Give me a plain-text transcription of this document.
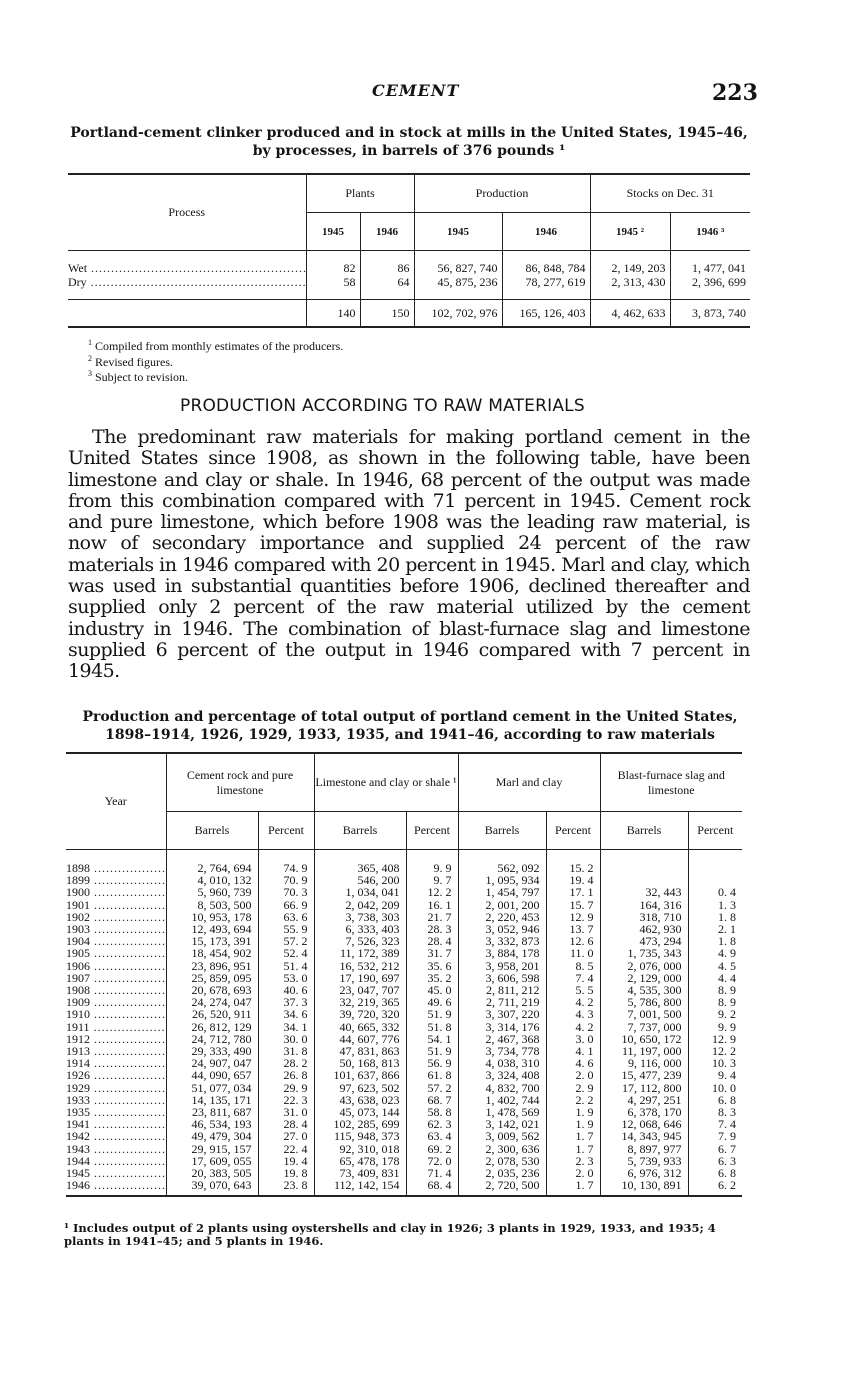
CEMENT	223
Portland-cement clinker produced and in stock at mills in the United States, 1945–46, by processes, in barrels of 376 pounds ¹
Process	Plants		Production		Stocks on Dec. 31	
	1945	1946	1945	1946	1945 ²	1946 ³

Wet .....	82	86	56, 827, 740	86, 848, 784	2, 149, 203	1, 477, 041
Dry .....	58	64	45, 875, 236	78, 277, 619	2, 313, 430	2, 396, 699

	140	150	102, 702, 976	165, 126, 403	4, 462, 633	3, 873, 740
$^1$ Compiled from monthly estimates of the producers.
$^2$ Revised figures.
$^3$ Subject to revision.
PRODUCTION ACCORDING TO RAW MATERIALS
The predominant raw materials for making portland cement in the United States since 1908, as shown in the following table, have been limestone and clay or shale. In 1946, 68 percent of the output was made from this combination compared with 71 percent in 1945. Cement rock and pure limestone, which before 1908 was the leading raw material, is now of secondary importance and supplied 24 percent of the raw materials in 1946 compared with 20 percent in 1945. Marl and clay, which was used in substantial quantities before 1906, declined thereafter and supplied only 2 percent of the raw material utilized by the cement industry in 1946. The combination of blast-furnace slag and limestone supplied 6 percent of the output in 1946 compared with 7 percent in 1945.
Production and percentage of total output of portland cement in the United States, 1898–1914, 1926, 1929, 1933, 1935, and 1941–46, according to raw materials
Year	Cement rock and pure limestone		Limestone and clay or shale ¹		Marl and clay		Blast-furnace slag and limestone	
	Barrels	Percent	Barrels	Percent	Barrels	Percent	Barrels	Percent

1898 .....	2, 764, 694	74. 9	365, 408	9. 9	562, 092	15. 2		
1899 .....	4, 010, 132	70. 9	546, 200	9. 7	1, 095, 934	19. 4		
1900 .....	5, 960, 739	70. 3	1, 034, 041	12. 2	1, 454, 797	17. 1	32, 443	0. 4
1901 .....	8, 503, 500	66. 9	2, 042, 209	16. 1	2, 001, 200	15. 7	164, 316	1. 3
1902 .....	10, 953, 178	63. 6	3, 738, 303	21. 7	2, 220, 453	12. 9	318, 710	1. 8
1903 .....	12, 493, 694	55. 9	6, 333, 403	28. 3	3, 052, 946	13. 7	462, 930	2. 1
1904 .....	15, 173, 391	57. 2	7, 526, 323	28. 4	3, 332, 873	12. 6	473, 294	1. 8
1905 .....	18, 454, 902	52. 4	11, 172, 389	31. 7	3, 884, 178	11. 0	1, 735, 343	4. 9
1906 .....	23, 896, 951	51. 4	16, 532, 212	35. 6	3, 958, 201	8. 5	2, 076, 000	4. 5
1907 .....	25, 859, 095	53. 0	17, 190, 697	35. 2	3, 606, 598	7. 4	2, 129, 000	4. 4
1908 .....	20, 678, 693	40. 6	23, 047, 707	45. 0	2, 811, 212	5. 5	4, 535, 300	8. 9
1909 .....	24, 274, 047	37. 3	32, 219, 365	49. 6	2, 711, 219	4. 2	5, 786, 800	8. 9
1910 .....	26, 520, 911	34. 6	39, 720, 320	51. 9	3, 307, 220	4. 3	7, 001, 500	9. 2
1911 .....	26, 812, 129	34. 1	40, 665, 332	51. 8	3, 314, 176	4. 2	7, 737, 000	9. 9
1912 .....	24, 712, 780	30. 0	44, 607, 776	54. 1	2, 467, 368	3. 0	10, 650, 172	12. 9
1913 .....	29, 333, 490	31. 8	47, 831, 863	51. 9	3, 734, 778	4. 1	11, 197, 000	12. 2
1914 .....	24, 907, 047	28. 2	50, 168, 813	56. 9	4, 038, 310	4. 6	9, 116, 000	10. 3
1926 .....	44, 090, 657	26. 8	101, 637, 866	61. 8	3, 324, 408	2. 0	15, 477, 239	9. 4
1929 .....	51, 077, 034	29. 9	97, 623, 502	57. 2	4, 832, 700	2. 9	17, 112, 800	10. 0
1933 .....	14, 135, 171	22. 3	43, 638, 023	68. 7	1, 402, 744	2. 2	4, 297, 251	6. 8
1935 .....	23, 811, 687	31. 0	45, 073, 144	58. 8	1, 478, 569	1. 9	6, 378, 170	8. 3
1941 .....	46, 534, 193	28. 4	102, 285, 699	62. 3	3, 142, 021	1. 9	12, 068, 646	7. 4
1942 .....	49, 479, 304	27. 0	115, 948, 373	63. 4	3, 009, 562	1. 7	14, 343, 945	7. 9
1943 .....	29, 915, 157	22. 4	92, 310, 018	69. 2	2, 300, 636	1. 7	8, 897, 977	6. 7
1944 .....	17, 609, 055	19. 4	65, 478, 178	72. 0	2, 078, 530	2. 3	5, 739, 933	6. 3
1945 .....	20, 383, 505	19. 8	73, 409, 831	71. 4	2, 035, 236	2. 0	6, 976, 312	6. 8
1946 .....	39, 070, 643	23. 8	112, 142, 154	68. 4	2, 720, 500	1. 7	10, 130, 891	6. 2

¹ Includes output of 2 plants using oystershells and clay in 1926; 3 plants in 1929, 1933, and 1935; 4 plants in 1941–45; and 5 plants in 1946.
